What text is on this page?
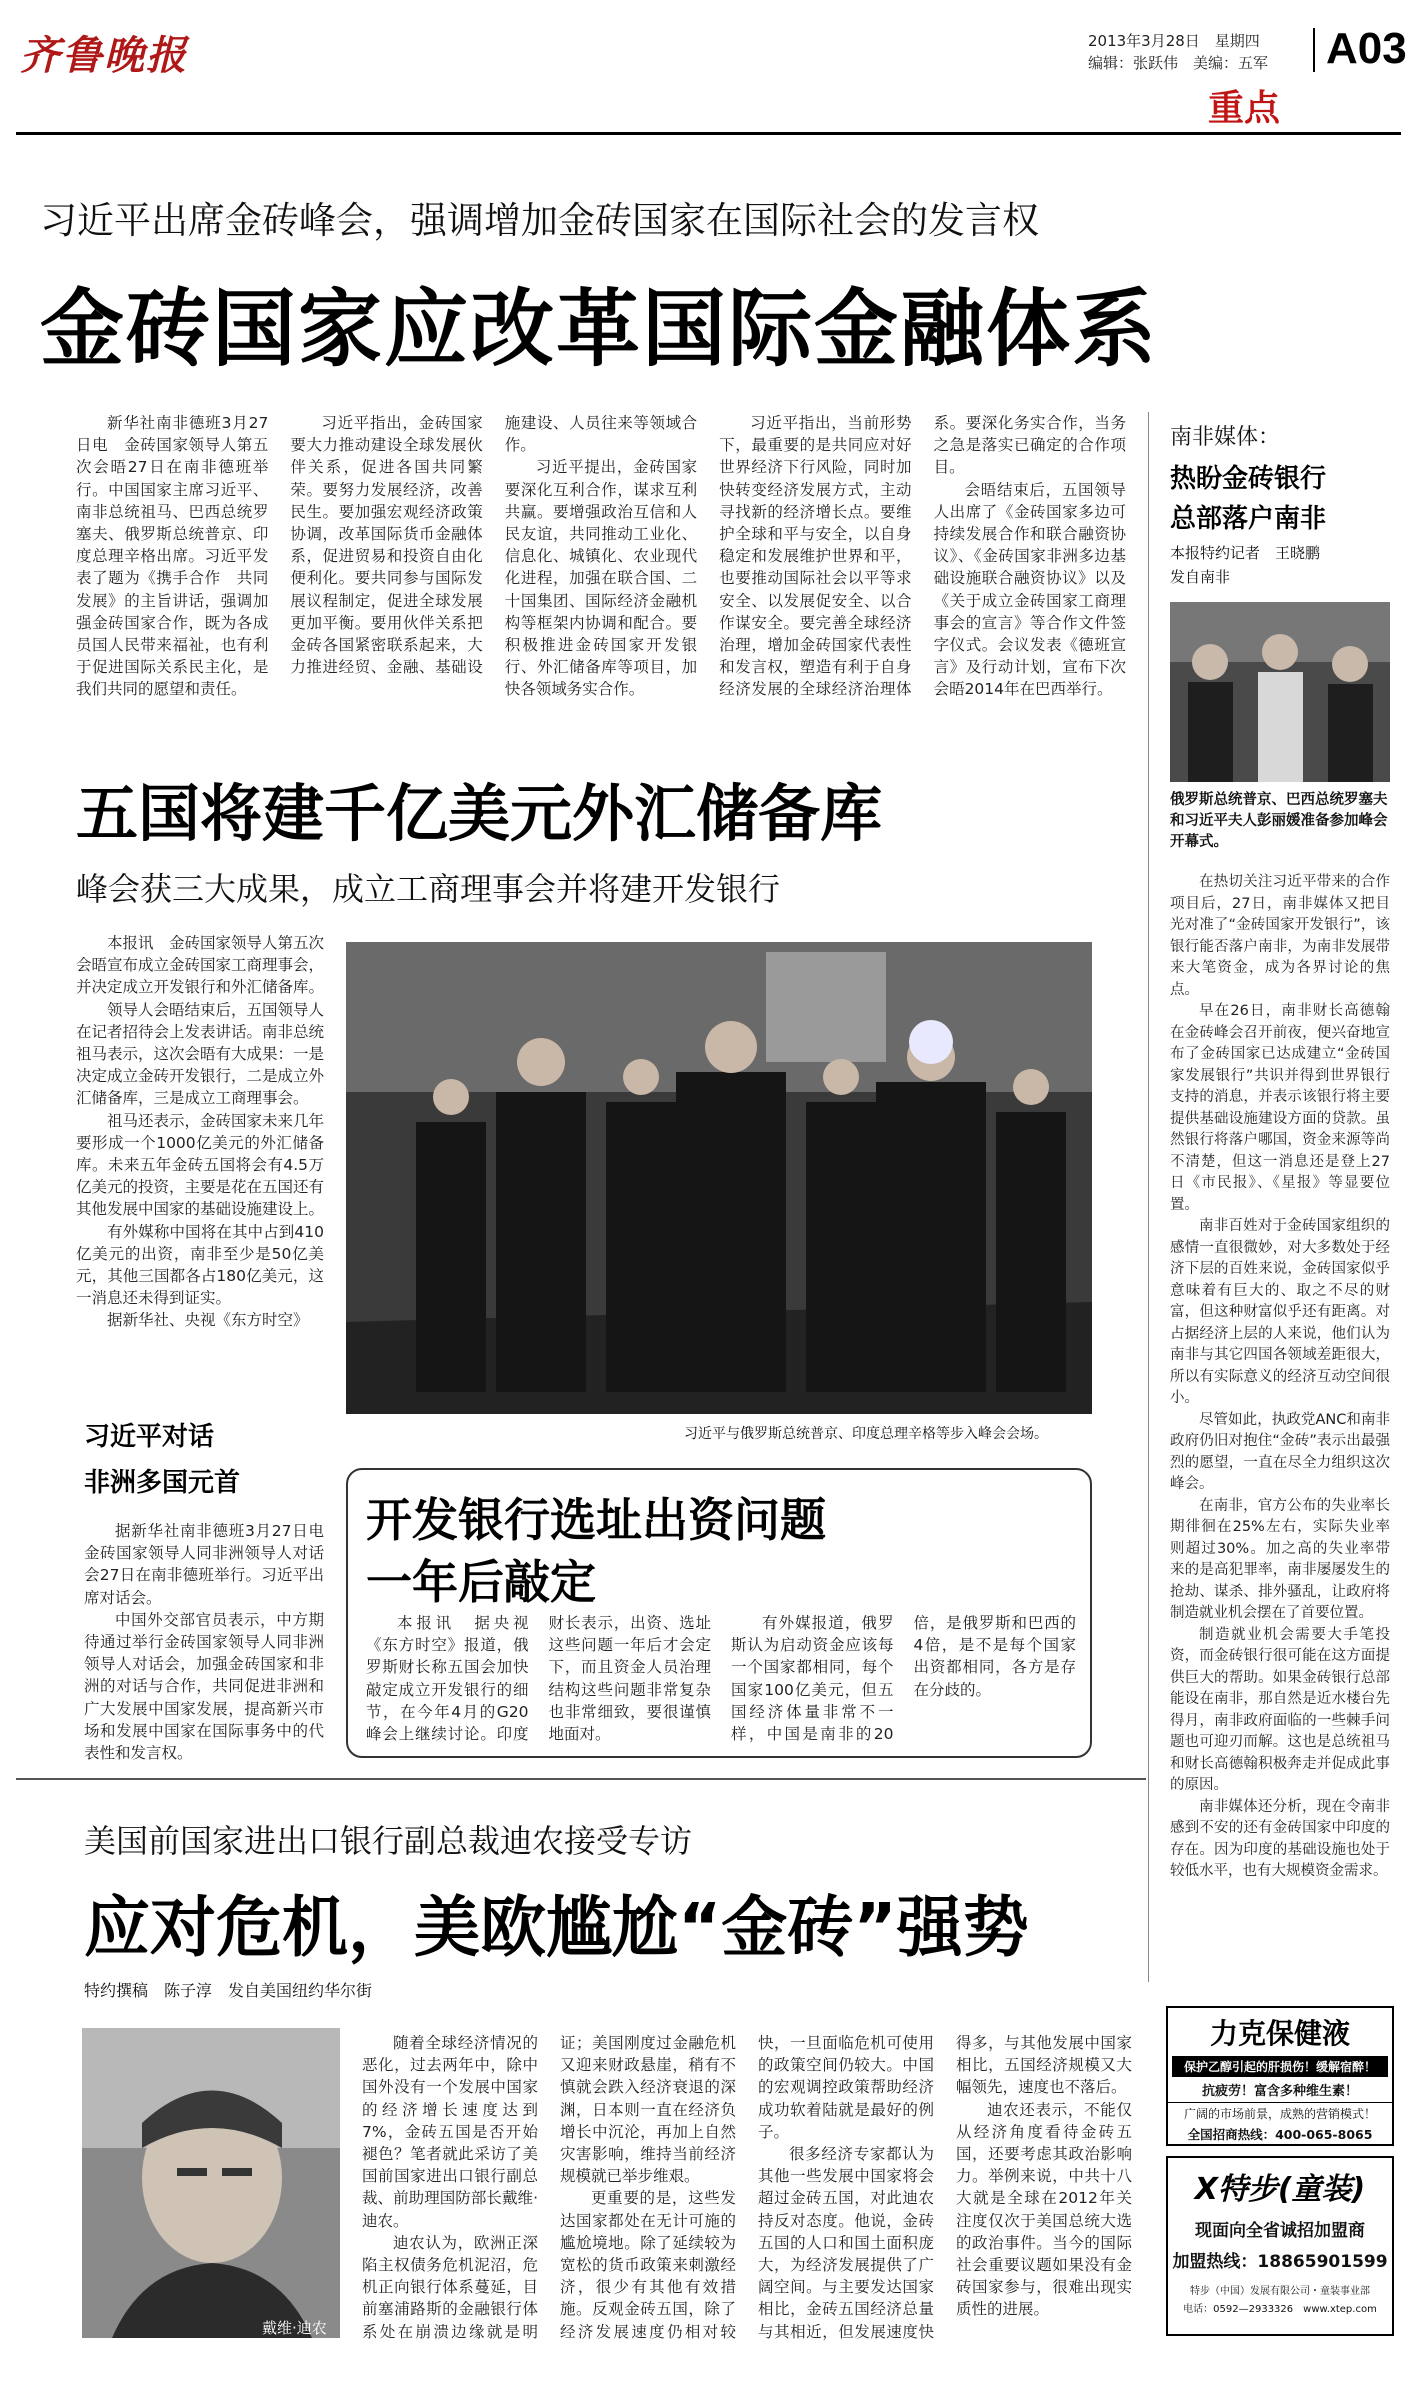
齐鲁晚报	2013年3月28日　星期四
编辑：张跃伟　美编：五军 A03
重点
习近平出席金砖峰会，强调增加金砖国家在国际社会的发言权
金砖国家应改革国际金融体系

新华社南非德班3月27日电　金砖国家领导人第五次会晤27日在南非德班举行。中国国家主席习近平、南非总统祖马、巴西总统罗塞夫、俄罗斯总统普京、印度总理辛格出席。习近平发表了题为《携手合作　共同发展》的主旨讲话，强调加强金砖国家合作，既为各成员国人民带来福祉，也有利于促进国际关系民主化，是我们共同的愿望和责任。

习近平指出，金砖国家要大力推动建设全球发展伙伴关系，促进各国共同繁荣。要努力发展经济，改善民生。要加强宏观经济政策协调，改革国际货币金融体系，促进贸易和投资自由化便利化。要共同参与国际发展议程制定，促进全球发展更加平衡。要用伙伴关系把金砖各国紧密联系起来，大力推进经贸、金融、基础设施建设、人员往来等领域合作。

习近平提出，金砖国家要深化互利合作，谋求互利共赢。要增强政治互信和人民友谊，共同推动工业化、信息化、城镇化、农业现代化进程，加强在联合国、二十国集团、国际经济金融机构等框架内协调和配合。要积极推进金砖国家开发银行、外汇储备库等项目，加快各领域务实合作。

习近平指出，当前形势下，最重要的是共同应对好世界经济下行风险，同时加快转变经济发展方式，主动寻找新的经济增长点。要维护全球和平与安全，以自身稳定和发展维护世界和平，也要推动国际社会以平等求安全、以发展促安全、以合作谋安全。要完善全球经济治理，增加金砖国家代表性和发言权，塑造有利于自身经济发展的全球经济治理体系。要深化务实合作，当务之急是落实已确定的合作项目。

会晤结束后，五国领导人出席了《金砖国家多边可持续发展合作和联合融资协议》、《金砖国家非洲多边基础设施联合融资协议》以及《关于成立金砖国家工商理事会的宣言》等合作文件签字仪式。会议发表《德班宣言》及行动计划，宣布下次会晤2014年在巴西举行。

五国将建千亿美元外汇储备库
峰会获三大成果，成立工商理事会并将建开发银行

本报讯　金砖国家领导人第五次会晤宣布成立金砖国家工商理事会，并决定成立开发银行和外汇储备库。

领导人会晤结束后，五国领导人在记者招待会上发表讲话。南非总统祖马表示，这次会晤有大成果：一是决定成立金砖开发银行，二是成立外汇储备库，三是成立工商理事会。

祖马还表示，金砖国家未来几年要形成一个1000亿美元的外汇储备库。未来五年金砖五国将会有4.5万亿美元的投资，主要是花在五国还有其他发展中国家的基础设施建设上。

有外媒称中国将在其中占到410亿美元的出资，南非至少是50亿美元，其他三国都各占180亿美元，这一消息还未得到证实。

据新华社、央视《东方时空》

习近平与俄罗斯总统普京、印度总理辛格等步入峰会会场。
习近平对话
非洲多国元首

据新华社南非德班3月27日电　金砖国家领导人同非洲领导人对话会27日在南非德班举行。习近平出席对话会。

中国外交部官员表示，中方期待通过举行金砖国家领导人同非洲领导人对话会，加强金砖国家和非洲的对话与合作，共同促进非洲和广大发展中国家发展，提高新兴市场和发展中国家在国际事务中的代表性和发言权。

开发银行选址出资问题
一年后敲定

本报讯　据央视《东方时空》报道，俄罗斯财长称五国会加快敲定成立开发银行的细节，在今年4月的G20峰会上继续讨论。印度财长表示，出资、选址这些问题一年后才会定下，而且资金人员治理结构这些问题非常复杂也非常细致，要很谨慎地面对。

有外媒报道，俄罗斯认为启动资金应该每一个国家都相同，每个国家100亿美元，但五国经济体量非常不一样，中国是南非的20倍，是俄罗斯和巴西的4倍，是不是每个国家出资都相同，各方是存在分歧的。

美国前国家进出口银行副总裁迪农接受专访
应对危机，美欧尴尬“金砖”强势
特约撰稿　陈子淳　发自美国纽约华尔街
戴维·迪农

随着全球经济情况的恶化，过去两年中，除中国外没有一个发展中国家的经济增长速度达到7%，金砖五国是否开始褪色？笔者就此采访了美国前国家进出口银行副总裁、前助理国防部长戴维·迪农。

迪农认为，欧洲正深陷主权债务危机泥沼，危机正向银行体系蔓延，目前塞浦路斯的金融银行体系处在崩溃边缘就是明证；美国刚度过金融危机又迎来财政悬崖，稍有不慎就会跌入经济衰退的深渊，日本则一直在经济负增长中沉沦，再加上自然灾害影响，维持当前经济规模就已举步维艰。

更重要的是，这些发达国家都处在无计可施的尴尬境地。除了延续较为宽松的货币政策来刺激经济，很少有其他有效措施。反观金砖五国，除了经济发展速度仍相对较快，一旦面临危机可使用的政策空间仍较大。中国的宏观调控政策帮助经济成功软着陆就是最好的例子。

很多经济专家都认为其他一些发展中国家将会超过金砖五国，对此迪农持反对态度。他说，金砖五国的人口和国土面积庞大，为经济发展提供了广阔空间。与主要发达国家相比，金砖五国经济总量与其相近，但发展速度快得多，与其他发展中国家相比，五国经济规模又大幅领先，速度也不落后。

迪农还表示，不能仅从经济角度看待金砖五国，还要考虑其政治影响力。举例来说，中共十八大就是全球在2012年关注度仅次于美国总统大选的政治事件。当今的国际社会重要议题如果没有金砖国家参与，很难出现实质性的进展。

南非媒体：
热盼金砖银行
总部落户南非
本报特约记者　王晓鹏
发自南非
俄罗斯总统普京、巴西总统罗塞夫和习近平夫人彭丽媛准备参加峰会开幕式。

在热切关注习近平带来的合作项目后，27日，南非媒体又把目光对准了“金砖国家开发银行”，该银行能否落户南非，为南非发展带来大笔资金，成为各界讨论的焦点。

早在26日，南非财长高德翰在金砖峰会召开前夜，便兴奋地宣布了金砖国家已达成建立“金砖国家发展银行”共识并得到世界银行支持的消息，并表示该银行将主要提供基础设施建设方面的贷款。虽然银行将落户哪国，资金来源等尚不清楚，但这一消息还是登上27日《市民报》、《星报》等显要位置。

南非百姓对于金砖国家组织的感情一直很微妙，对大多数处于经济下层的百姓来说，金砖国家似乎意味着有巨大的、取之不尽的财富，但这种财富似乎还有距离。对占据经济上层的人来说，他们认为南非与其它四国各领域差距很大，所以有实际意义的经济互动空间很小。

尽管如此，执政党ANC和南非政府仍旧对抱住“金砖”表示出最强烈的愿望，一直在尽全力组织这次峰会。

在南非，官方公布的失业率长期徘徊在25%左右，实际失业率则超过30%。加之高的失业率带来的是高犯罪率，南非屡屡发生的抢劫、谋杀、排外骚乱，让政府将制造就业机会摆在了首要位置。

制造就业机会需要大手笔投资，而金砖银行很可能在这方面提供巨大的帮助。如果金砖银行总部能设在南非，那自然是近水楼台先得月，南非政府面临的一些棘手问题也可迎刃而解。这也是总统祖马和财长高德翰积极奔走并促成此事的原因。

南非媒体还分析，现在令南非感到不安的还有金砖国家中印度的存在。因为印度的基础设施也处于较低水平，也有大规模资金需求。

力克保健液
保护乙醇引起的肝损伤！缓解宿醉！
抗疲劳！富含多种维生素！
广阔的市场前景，成熟的营销模式！
全国招商热线：400-065-8065
X特步(童装)
现面向全省诚招加盟商
加盟热线：18865901599
特步（中国）发展有限公司・童装事业部
电话：0592—2933326　www.xtep.com
